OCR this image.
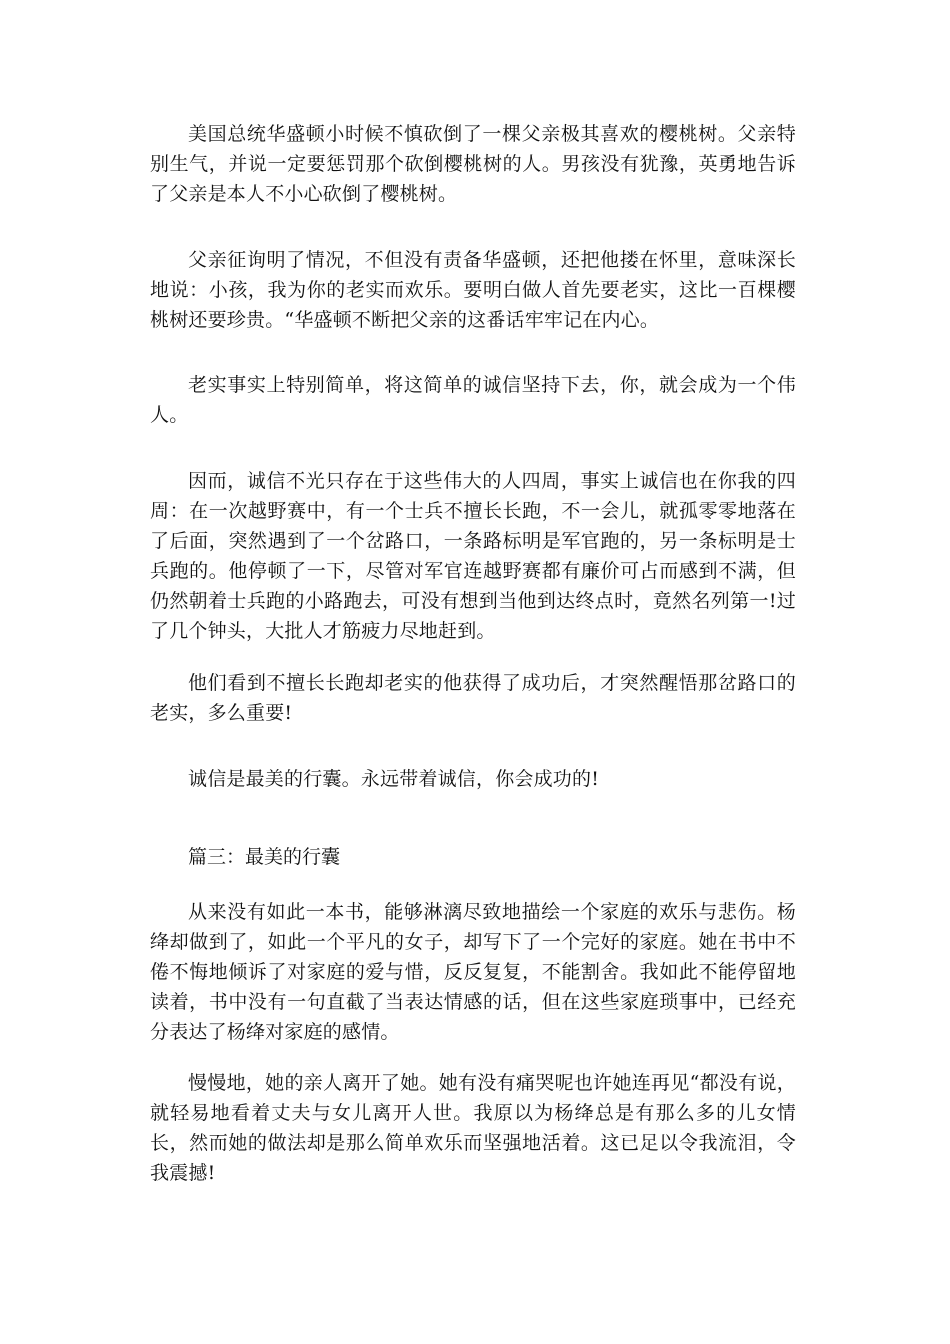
美国总统华盛顿小时候不慎砍倒了一棵父亲极其喜欢的樱桃树。父亲特别生气，并说一定要惩罚那个砍倒樱桃树的人。男孩没有犹豫，英勇地告诉了父亲是本人不小心砍倒了樱桃树。

父亲征询明了情况，不但没有责备华盛顿，还把他搂在怀里，意味深长地说：小孩，我为你的老实而欢乐。要明白做人首先要老实，这比一百棵樱桃树还要珍贵。“华盛顿不断把父亲的这番话牢牢记在内心。

老实事实上特别简单，将这简单的诚信坚持下去，你，就会成为一个伟人。

因而，诚信不光只存在于这些伟大的人四周，事实上诚信也在你我的四周：在一次越野赛中，有一个士兵不擅长长跑，不一会儿，就孤零零地落在了后面，突然遇到了一个岔路口，一条路标明是军官跑的，另一条标明是士兵跑的。他停顿了一下，尽管对军官连越野赛都有廉价可占而感到不满，但仍然朝着士兵跑的小路跑去，可没有想到当他到达终点时，竟然名列第一!过了几个钟头，大批人才筋疲力尽地赶到。

他们看到不擅长长跑却老实的他获得了成功后，才突然醒悟那岔路口的老实，多么重要!

诚信是最美的行囊。永远带着诚信，你会成功的!

篇三：最美的行囊

从来没有如此一本书，能够淋漓尽致地描绘一个家庭的欢乐与悲伤。杨绛却做到了，如此一个平凡的女子，却写下了一个完好的家庭。她在书中不倦不悔地倾诉了对家庭的爱与惜，反反复复，不能割舍。我如此不能停留地读着，书中没有一句直截了当表达情感的话，但在这些家庭琐事中，已经充分表达了杨绛对家庭的感情。

慢慢地，她的亲人离开了她。她有没有痛哭呢也许她连再见“都没有说，就轻易地看着丈夫与女儿离开人世。我原以为杨绛总是有那么多的儿女情长，然而她的做法却是那么简单欢乐而坚强地活着。这已足以令我流泪，令我震撼!
